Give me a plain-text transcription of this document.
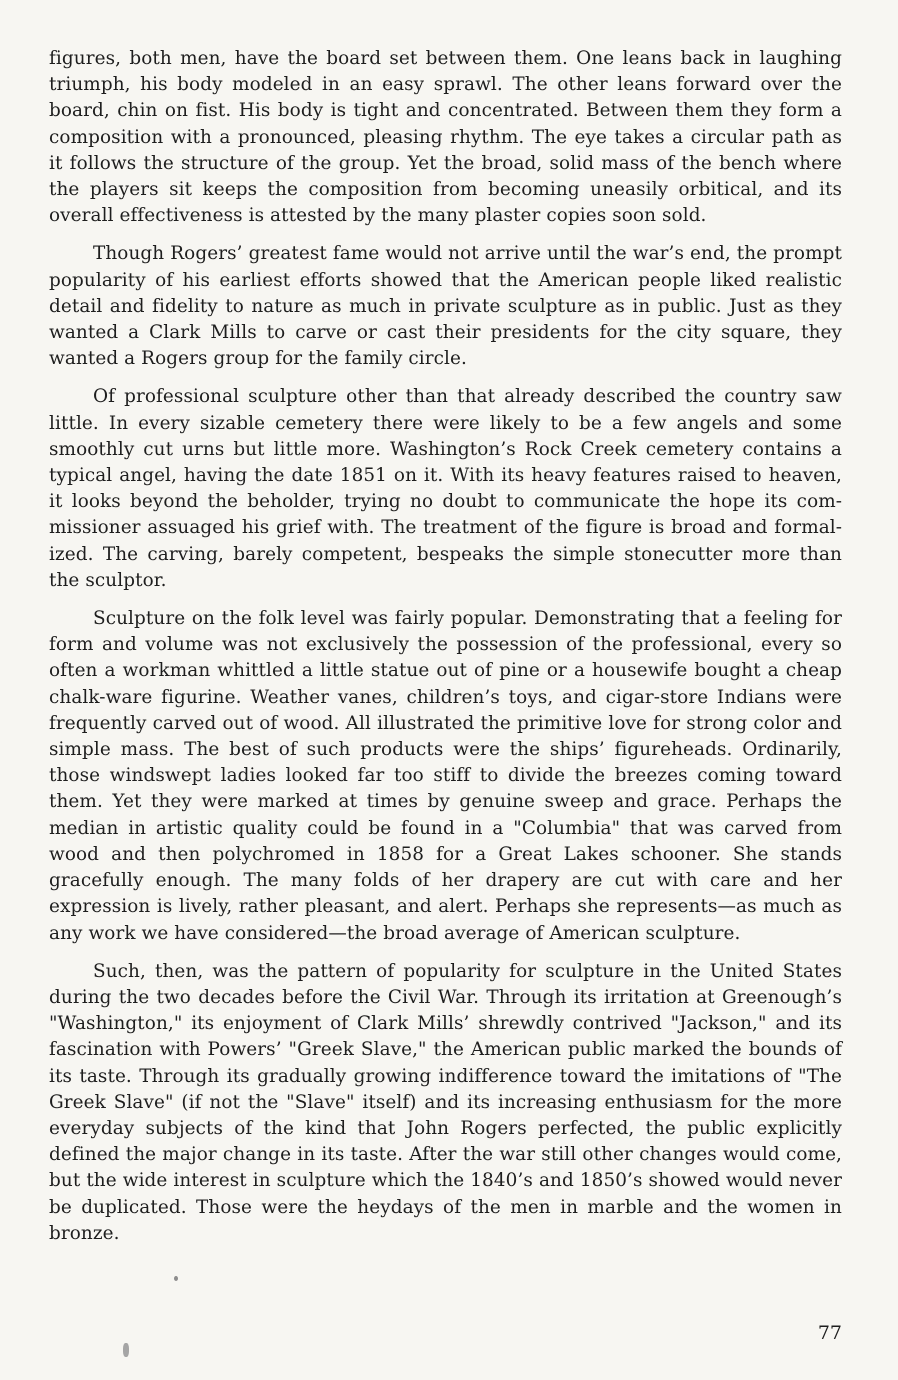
figures, both men, have the board set between them. One leans back in laughing triumph, his body modeled in an easy sprawl. The other leans forward over the board, chin on fist. His body is tight and concentrated. Between them they form a composition with a pronounced, pleasing rhythm. The eye takes a circular path as it follows the structure of the group. Yet the broad, solid mass of the bench where the players sit keeps the composition from becoming uneasily orbitical, and its overall effectiveness is attested by the many plaster copies soon sold.

Though Rogers’ greatest fame would not arrive until the war’s end, the prompt popularity of his earliest efforts showed that the American people liked realistic detail and fidelity to nature as much in private sculpture as in public. Just as they wanted a Clark Mills to carve or cast their presidents for the city square, they wanted a Rogers group for the family circle.

Of professional sculpture other than that already described the country saw little. In every sizable cemetery there were likely to be a few angels and some smoothly cut urns but little more. Washington’s Rock Creek cemetery contains a typical angel, having the date 1851 on it. With its heavy features raised to heaven, it looks beyond the beholder, trying no doubt to communicate the hope its commissioner assuaged his grief with. The treatment of the figure is broad and formalized. The carving, barely competent, bespeaks the simple stonecutter more than the sculptor.

Sculpture on the folk level was fairly popular. Demonstrating that a feeling for form and volume was not exclusively the possession of the professional, every so often a workman whittled a little statue out of pine or a housewife bought a cheap chalk-ware figurine. Weather vanes, children’s toys, and cigar-store Indians were frequently carved out of wood. All illustrated the primitive love for strong color and simple mass. The best of such products were the ships’ figureheads. Ordinarily, those windswept ladies looked far too stiff to divide the breezes coming toward them. Yet they were marked at times by genuine sweep and grace. Perhaps the median in artistic quality could be found in a "Columbia" that was carved from wood and then polychromed in 1858 for a Great Lakes schooner. She stands gracefully enough. The many folds of her drapery are cut with care and her expression is lively, rather pleasant, and alert. Perhaps she represents—as much as any work we have considered—the broad average of American sculpture.

Such, then, was the pattern of popularity for sculpture in the United States during the two decades before the Civil War. Through its irritation at Greenough’s "Washington," its enjoyment of Clark Mills’ shrewdly contrived "Jackson," and its fascination with Powers’ "Greek Slave," the American public marked the bounds of its taste. Through its gradually growing indifference toward the imitations of "The Greek Slave" (if not the "Slave" itself) and its increasing enthusiasm for the more everyday subjects of the kind that John Rogers perfected, the public explicitly defined the major change in its taste. After the war still other changes would come, but the wide interest in sculpture which the 1840’s and 1850’s showed would never be duplicated. Those were the heydays of the men in marble and the women in bronze.

77
